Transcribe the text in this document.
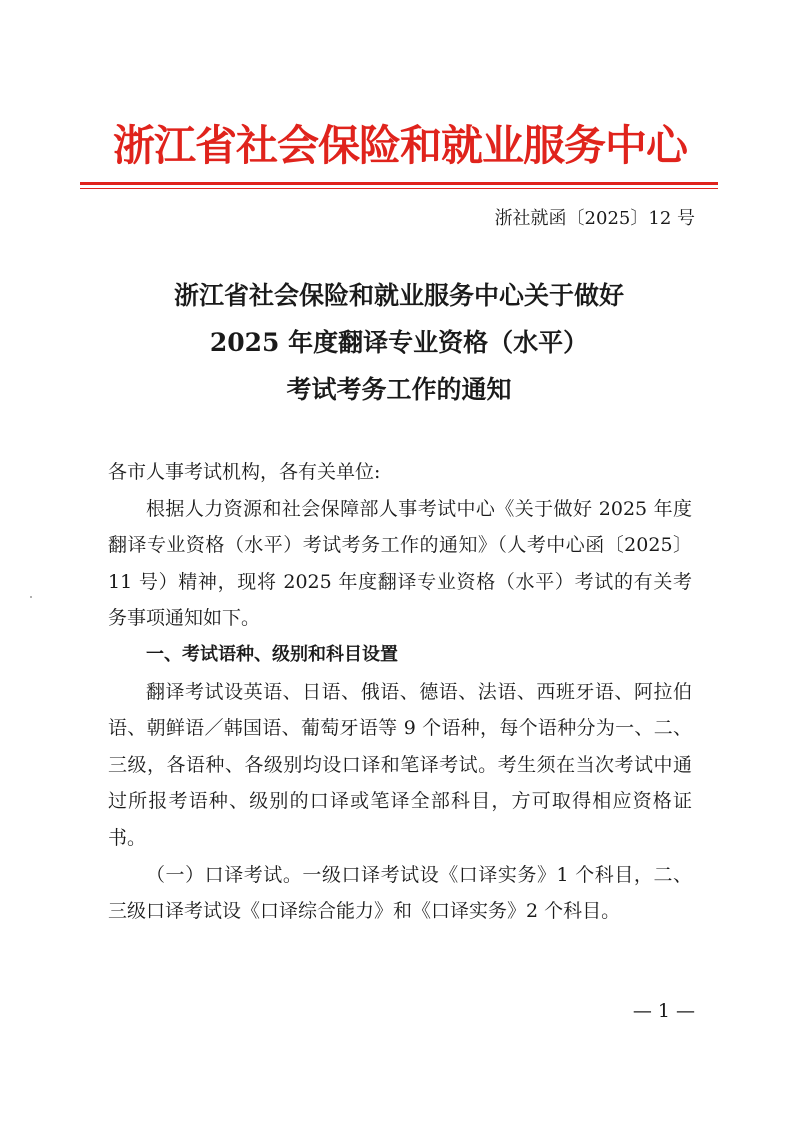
浙江省社会保险和就业服务中心
浙社就函〔2025〕12 号
浙江省社会保险和就业服务中心关于做好
2025 年度翻译专业资格（水平）
考试考务工作的通知

各市人事考试机构，各有关单位:

根据人力资源和社会保障部人事考试中心《关于做好 2025 年度翻译专业资格（水平）考试考务工作的通知》（人考中心函〔2025〕11 号）精神，现将 2025 年度翻译专业资格（水平）考试的有关考务事项通知如下。

一、考试语种、级别和科目设置

翻译考试设英语、日语、俄语、德语、法语、西班牙语、阿拉伯语、朝鲜语／韩国语、葡萄牙语等 9 个语种，每个语种分为一、二、三级，各语种、各级别均设口译和笔译考试。考生须在当次考试中通过所报考语种、级别的口译或笔译全部科目，方可取得相应资格证书。

（一）口译考试。一级口译考试设《口译实务》1 个科目，二、三级口译考试设《口译综合能力》和《口译实务》2 个科目。

— 1 —
